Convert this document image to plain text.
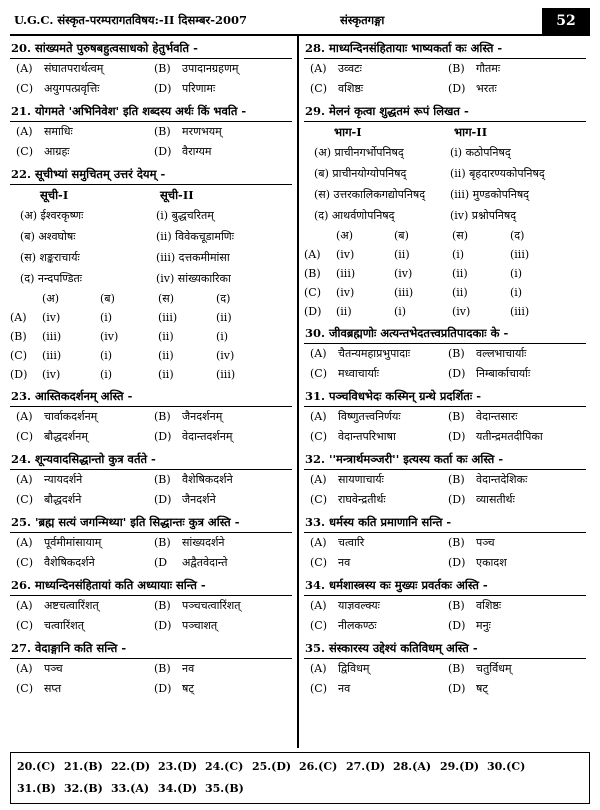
U.G.C. संस्कृत-परम्परागतविषय:-II दिसम्बर-2007	संस्कृतगङ्गा	52
20. सांख्यमते पुरुषबहुत्वसाधको हेतुर्भवति -
(A) संघातपरार्थत्वम्	(B) उपादानग्रहणम्
(C) अयुगपत्प्रवृत्तिः	(D) परिणामः
21. योगमते 'अभिनिवेश' इति शब्दस्य अर्थः किं भवति -
(A) समाधिः	(B) मरणभयम्
(C) आग्रहः	(D) वैराग्यम
22. सूचीभ्यां समुचितम् उत्तरं देयम् -
सूची-I	सूची-II
(अ) ईश्वरकृष्णः	(i) बुद्धचरितम्
(ब) अश्वघोषः	(ii) विवेकचूडामणिः
(स) शङ्कराचार्यः	(iii) दत्तकमीमांसा
(द) नन्दपण्डितः	(iv) सांख्यकारिका
(अ)	(ब)	(स)	(द)
(A)	(iv)	(i)	(iii)	(ii)
(B)	(iii)	(iv)	(ii)	(i)
(C)	(iii)	(i)	(ii)	(iv)
(D)	(iv)	(i)	(ii)	(iii)
23. आस्तिकदर्शनम् अस्ति -
(A) चार्वाकदर्शनम्	(B) जैनदर्शनम्
(C) बौद्धदर्शनम्	(D) वेदान्तदर्शनम्
24. शून्यवादसिद्धान्तो कुत्र वर्तते -
(A) न्यायदर्शने	(B) वैशेषिकदर्शने
(C) बौद्धदर्शने	(D) जैनदर्शने
25. 'ब्रह्म सत्यं जगन्मिथ्या' इति सिद्धान्तः कुत्र अस्ति -
(A) पूर्वमीमांसायाम्	(B) सांख्यदर्शने
(C) वैशेषिकदर्शने	(D अद्वैतवेदान्ते
26. माध्यन्दिनसंहितायां कति अध्यायाः सन्ति -
(A) अष्टचत्वारिंशत्	(B) पञ्चचत्वारिंशत्
(C) चत्वारिंशत्	(D) पञ्चाशत्
27. वेदाङ्गानि कति सन्ति -
(A) पञ्च	(B) नव
(C) सप्त	(D) षट्
28. माध्यन्दिनसंहितायाः भाष्यकर्ता कः अस्ति -
(A) उव्वटः	(B) गौतमः
(C) वशिष्ठः	(D) भरतः
29. मेलनं कृत्वा शुद्धतमं रूपं लिखत -
भाग-I	भाग-II
(अ) प्राचीनगर्भोपनिषद्	(i) कठोपनिषद्
(ब) प्राचीनयोग्योपनिषद्	(ii) बृहदारण्यकोपनिषद्
(स) उत्तरकालिकगद्योपनिषद्	(iii) मुण्डकोपनिषद्
(द) आथर्वणोपनिषद्	(iv) प्रश्नोपनिषद्
(अ)	(ब)	(स)	(द)
(A)	(iv)	(ii)	(i)	(iii)
(B)	(iii)	(iv)	(ii)	(i)
(C)	(iv)	(iii)	(ii)	(i)
(D)	(ii)	(i)	(iv)	(iii)
30. जीवब्रह्मणोः अत्यन्तभेदतत्त्वप्रतिपादकाः के -
(A) चैतन्यमहाप्रभुपादाः	(B) वल्लभाचार्याः
(C) मध्वाचार्याः	(D) निम्बार्काचार्याः
31. पञ्चविधभेदः कस्मिन् ग्रन्थे प्रदर्शितः -
(A) विष्णुतत्त्वनिर्णयः	(B) वेदान्तसारः
(C) वेदान्तपरिभाषा	(D) यतीन्द्रमतदीपिका
32. ''मन्त्रार्थमञ्जरी'' इत्यस्य कर्ता कः अस्ति -
(A) सायणाचार्यः	(B) वेदान्तदेशिकः
(C) राघवेन्द्रतीर्थः	(D) व्यासतीर्थः
33. धर्मस्य कति प्रमाणानि सन्ति -
(A) चत्वारि	(B) पञ्च
(C) नव	(D) एकादश
34. धर्मशास्त्रस्य कः मुख्यः प्रवर्तकः अस्ति -
(A) याज्ञवल्क्यः	(B) वशिष्ठः
(C) नीलकण्ठः	(D) मनुः
35. संस्कारस्य उद्देश्यं कतिविधम् अस्ति -
(A) द्विविधम्	(B) चतुर्विधम्
(C) नव	(D) षट्
20.(C) 21.(B) 22.(D) 23.(D) 24.(C) 25.(D) 26.(C) 27.(D) 28.(A) 29.(D) 30.(C)
31.(B) 32.(B) 33.(A) 34.(D) 35.(B)
